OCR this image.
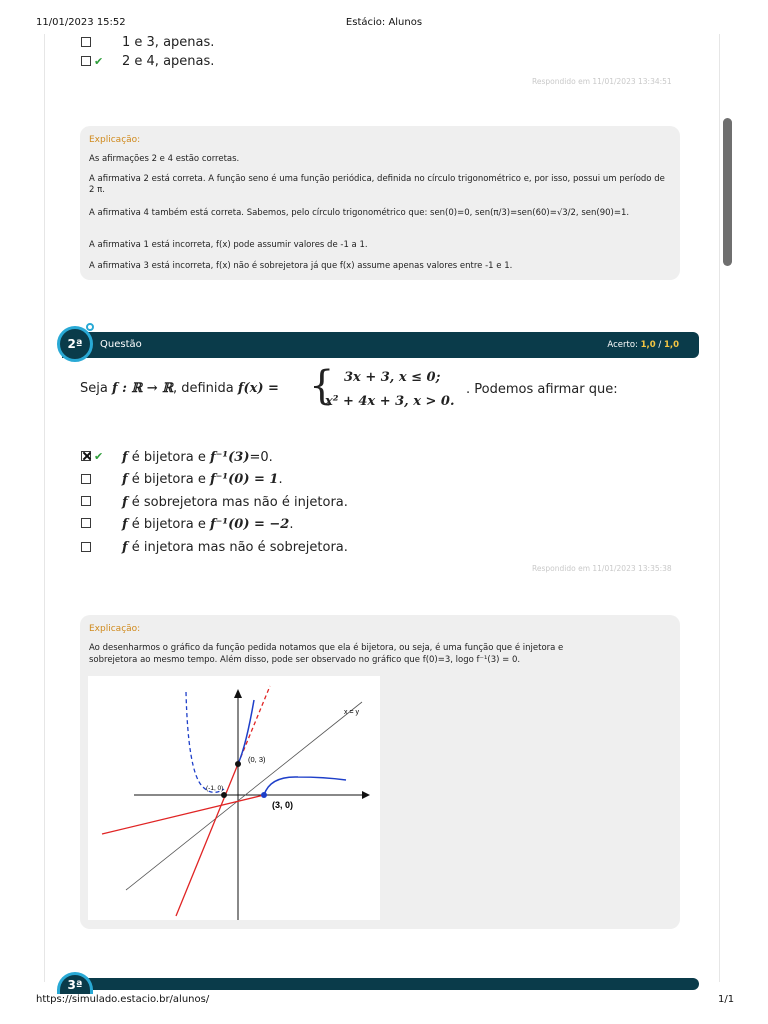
11/01/2023 15:52	Estácio: Alunos
1 e 3, apenas.
✔ 2 e 4, apenas.
Respondido em 11/01/2023 13:34:51
Explicação:

As afirmações 2 e 4 estão corretas.

A afirmativa 2 está correta. A função seno é uma função periódica, definida no círculo trigonométrico e, por isso, possui um período de 2 π.

A afirmativa 4 também está correta. Sabemos, pelo círculo trigonométrico que: sen(0)=0, sen(π/3)=sen(60)=√3/2, sen(90)=1.

A afirmativa 1 está incorreta, f(x) pode assumir valores de -1 a 1.

A afirmativa 3 está incorreta, f(x) não é sobrejetora já que f(x) assume apenas valores entre -1 e 1.

Questão	Acerto: 1,0 / 1,0
2ª
Seja f : ℝ → ℝ, definida f(x) = { 3x + 3, x ≤ 0;
x² + 4x + 3, x > 0.
. Podemos afirmar que:
✔ f é bijetora e f⁻¹(3)=0.
f é bijetora e f⁻¹(0) = 1.
f é sobrejetora mas não é injetora.
f é bijetora e f⁻¹(0) = −2.
f é injetora mas não é sobrejetora.
Respondido em 11/01/2023 13:35:38
Explicação:

Ao desenharmos o gráfico da função pedida notamos que ela é bijetora, ou seja, é uma função que é injetora e

sobrejetora ao mesmo tempo. Além disso, pode ser observado no gráfico que f(0)=3, logo f⁻¹(3) = 0.

x = y
(0, 3)
(-1, 0)
(3, 0)
3ª
https://simulado.estacio.br/alunos/	1/1
